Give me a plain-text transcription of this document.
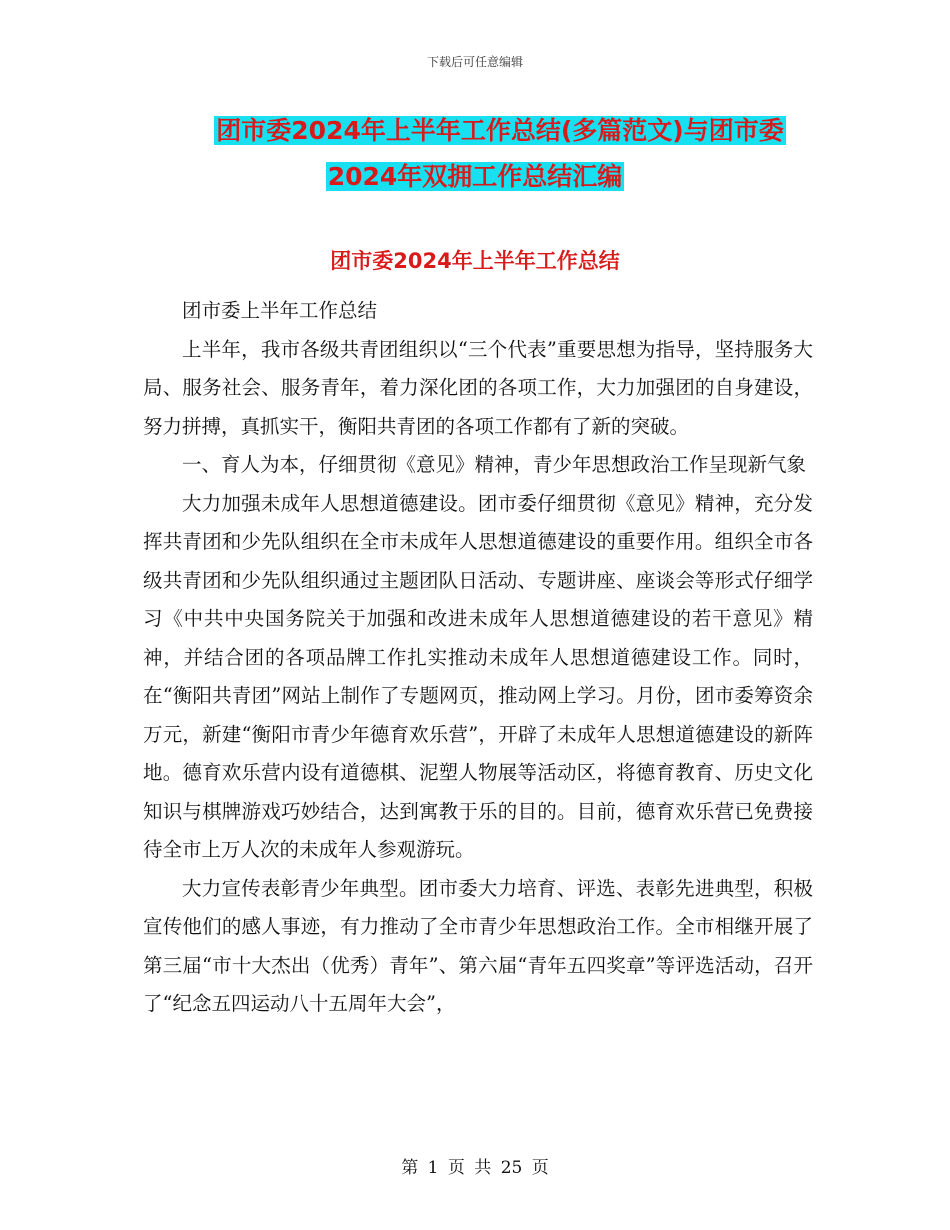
下载后可任意编辑
团市委2024年上半年工作总结(多篇范文)与团市委
2024年双拥工作总结汇编
团市委2024年上半年工作总结

团市委上半年工作总结

上半年，我市各级共青团组织以“三个代表”重要思想为指导，坚持服务大局、服务社会、服务青年，着力深化团的各项工作，大力加强团的自身建设，努力拼搏，真抓实干，衡阳共青团的各项工作都有了新的突破。

一、育人为本，仔细贯彻《意见》精神，青少年思想政治工作呈现新气象

大力加强未成年人思想道德建设。团市委仔细贯彻《意见》精神，充分发挥共青团和少先队组织在全市未成年人思想道德建设的重要作用。组织全市各级共青团和少先队组织通过主题团队日活动、专题讲座、座谈会等形式仔细学习《中共中央国务院关于加强和改进未成年人思想道德建设的若干意见》精神，并结合团的各项品牌工作扎实推动未成年人思想道德建设工作。同时，在“衡阳共青团”网站上制作了专题网页，推动网上学习。月份，团市委筹资余万元，新建“衡阳市青少年德育欢乐营”，开辟了未成年人思想道德建设的新阵地。德育欢乐营内设有道德棋、泥塑人物展等活动区，将德育教育、历史文化知识与棋牌游戏巧妙结合，达到寓教于乐的目的。目前，德育欢乐营已免费接待全市上万人次的未成年人参观游玩。

大力宣传表彰青少年典型。团市委大力培育、评选、表彰先进典型，积极宣传他们的感人事迹，有力推动了全市青少年思想政治工作。全市相继开展了第三届“市十大杰出（优秀）青年”、第六届“青年五四奖章”等评选活动，召开了“纪念五四运动八十五周年大会”，

第 1 页 共 25 页
